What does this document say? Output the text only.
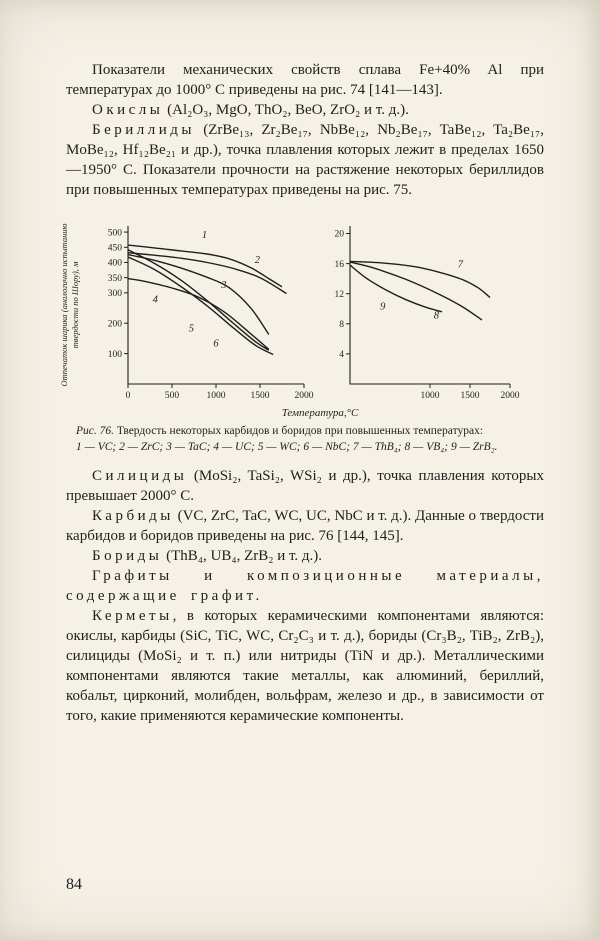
Показатели механических свойств сплава Fe+40% Al при температурах до 1000° С приведены на рис. 74 [141—143].

Окислы (Al₂O₃, MgO, ThO₂, BeO, ZrO₂ и т. д.).

Бериллиды (ZrBe₁₃, Zr₂Be₁₇, NbBe₁₂, Nb₂Be₁₇, TaBe₁₂, Ta₂Be₁₇, MoBe₁₂, Hf₁₂Be₂₁ и др.), точка плавления которых лежит в пределах 1650—1950° С. Показатели прочности на растяжение некоторых бериллидов при повышенных температурах приведены на рис. 75.

100
200
300
350
400
450
500
0	500	1000	1500	2000
1
2
3
4
5
6
Отпечаток шарика (аналогично испытанию твердости по Шору), м
4
8
12
16
20
1000 1500 2000
7
8
9
Температура,°С
Рис. 76. Твердость некоторых карбидов и боридов при повышенных температурах:
1 — VC; 2 — ZrC; 3 — TaC; 4 — UC; 5 — WC; 6 — NbC; 7 — ThB₄; 8 — VB₄; 9 — ZrB₂.

Силициды (MoSi₂, TaSi₂, WSi₂ и др.), точка плавления которых превышает 2000° С.

Карбиды (VC, ZrC, TaC, WC, UC, NbC и т. д.). Данные о твердости карбидов и боридов приведены на рис. 76 [144, 145].

Бориды (ThB₄, UB₄, ZrB₂ и т. д.).

Графиты и композиционные материалы, содержащие графит.

Керметы, в которых керамическими компонентами являются: окислы, карбиды (SiC, TiC, WC, Cr₂C₃ и т. д.), бориды (Cr₃B₂, TiB₂, ZrB₂), силициды (MoSi₂ и т. п.) или нитриды (TiN и др.). Металлическими компонентами являются такие металлы, как алюминий, бериллий, кобальт, цирконий, молибден, вольфрам, железо и др., в зависимости от того, какие применяются керамические компоненты.

84
